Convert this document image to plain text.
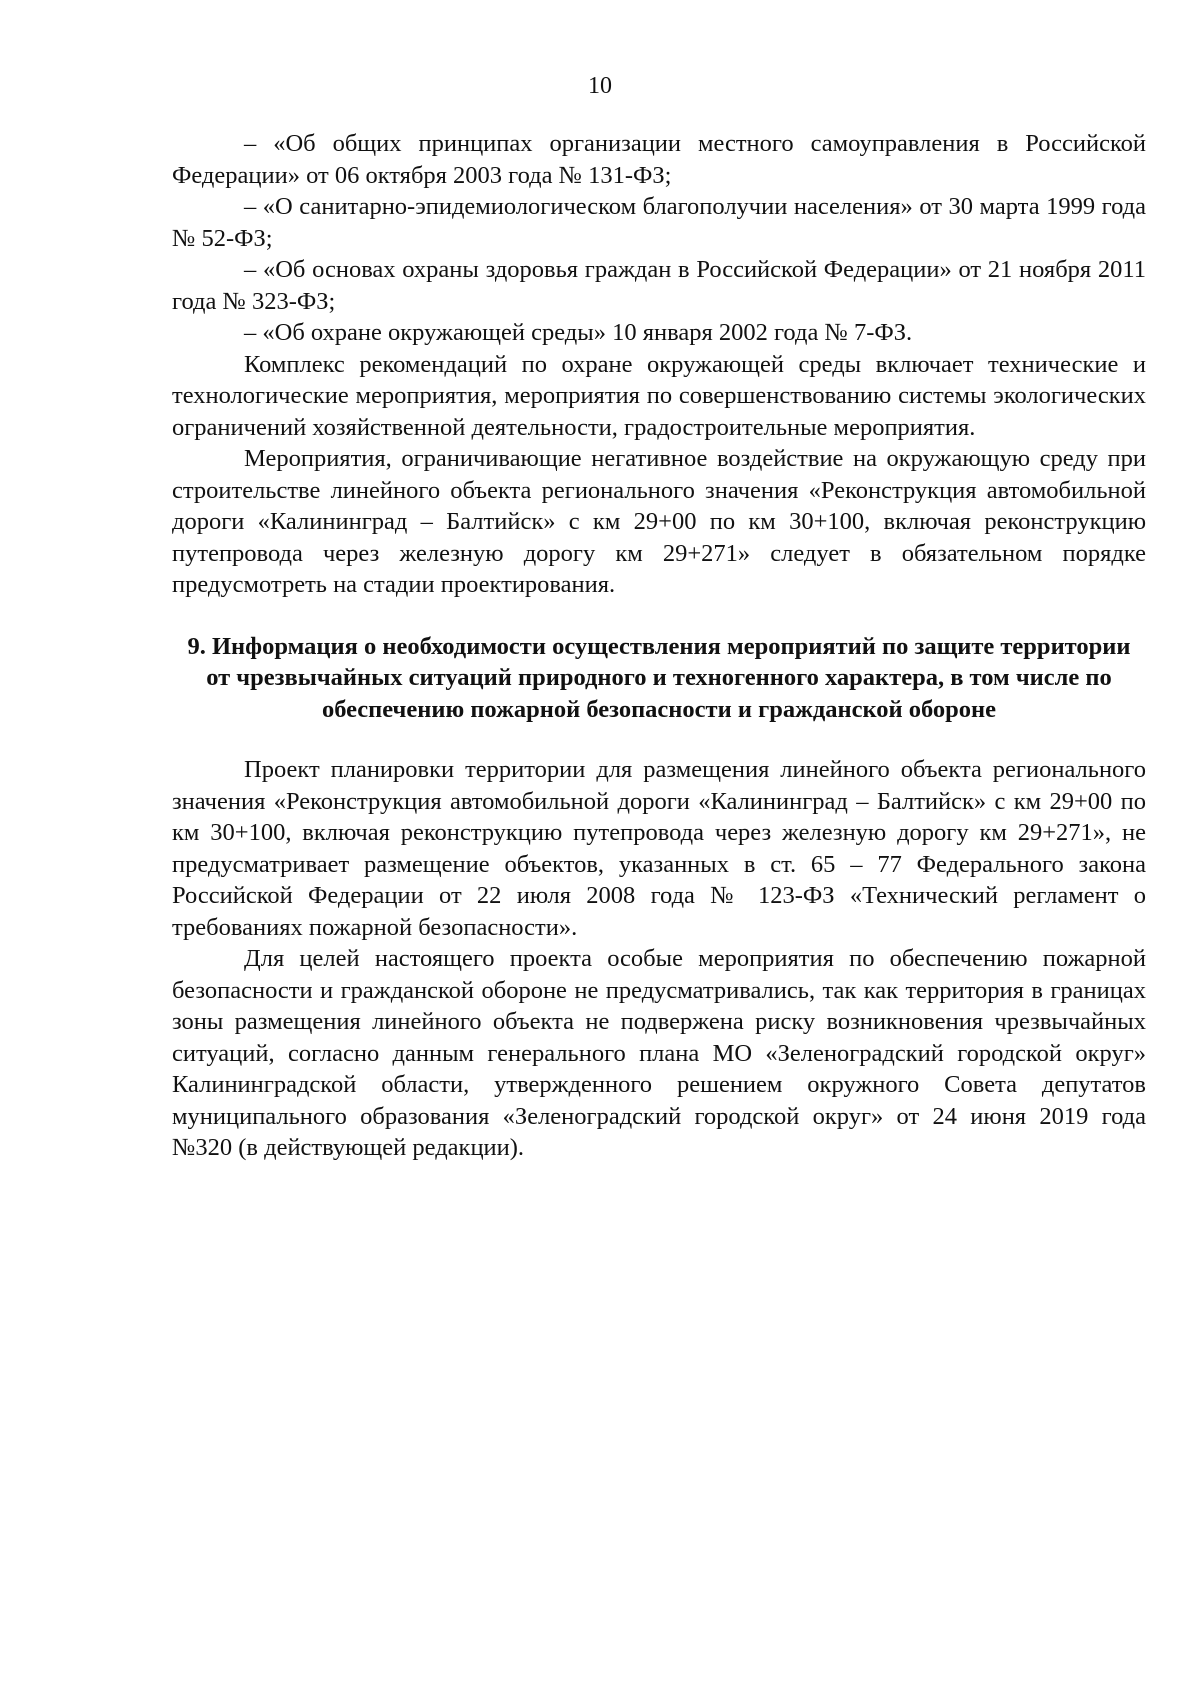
10

– «Об общих принципах организации местного самоуправления в Российской Федерации» от 06 октября 2003 года № 131-ФЗ;

– «О санитарно-эпидемиологическом благополучии населения» от 30 марта 1999 года № 52-ФЗ;

– «Об основах охраны здоровья граждан в Российской Федерации» от 21 ноября 2011 года № 323-ФЗ;

– «Об охране окружающей среды» 10 января 2002 года № 7-ФЗ.

Комплекс рекомендаций по охране окружающей среды включает технические и технологические мероприятия, мероприятия по совершенствованию системы экологических ограничений хозяйственной деятельности, градостроительные мероприятия.

Мероприятия, ограничивающие негативное воздействие на окружающую среду при строительстве линейного объекта регионального значения «Реконструкция автомобильной дороги «Калининград – Балтийск» с км 29+00 по км 30+100, включая реконструкцию путепровода через железную дорогу км 29+271» следует в обязательном порядке предусмотреть на стадии проектирования.

9. Информация о необходимости осуществления мероприятий по защите территории от чрезвычайных ситуаций природного и техногенного характера, в том числе по обеспечению пожарной безопасности и гражданской обороне

Проект планировки территории для размещения линейного объекта регионального значения «Реконструкция автомобильной дороги «Калининград – Балтийск» с км 29+00 по км 30+100, включая реконструкцию путепровода через железную дорогу км 29+271», не предусматривает размещение объектов, указанных в ст. 65 – 77 Федерального закона Российской Федерации от 22 июля 2008 года № 123-ФЗ «Технический регламент о требованиях пожарной безопасности».

Для целей настоящего проекта особые мероприятия по обеспечению пожарной безопасности и гражданской обороне не предусматривались, так как территория в границах зоны размещения линейного объекта не подвержена риску возникновения чрезвычайных ситуаций, согласно данным генерального плана МО «Зеленоградский городской округ» Калининградской области, утвержденного решением окружного Совета депутатов муниципального образования «Зеленоградский городской округ» от 24 июня 2019 года №320 (в действующей редакции).
